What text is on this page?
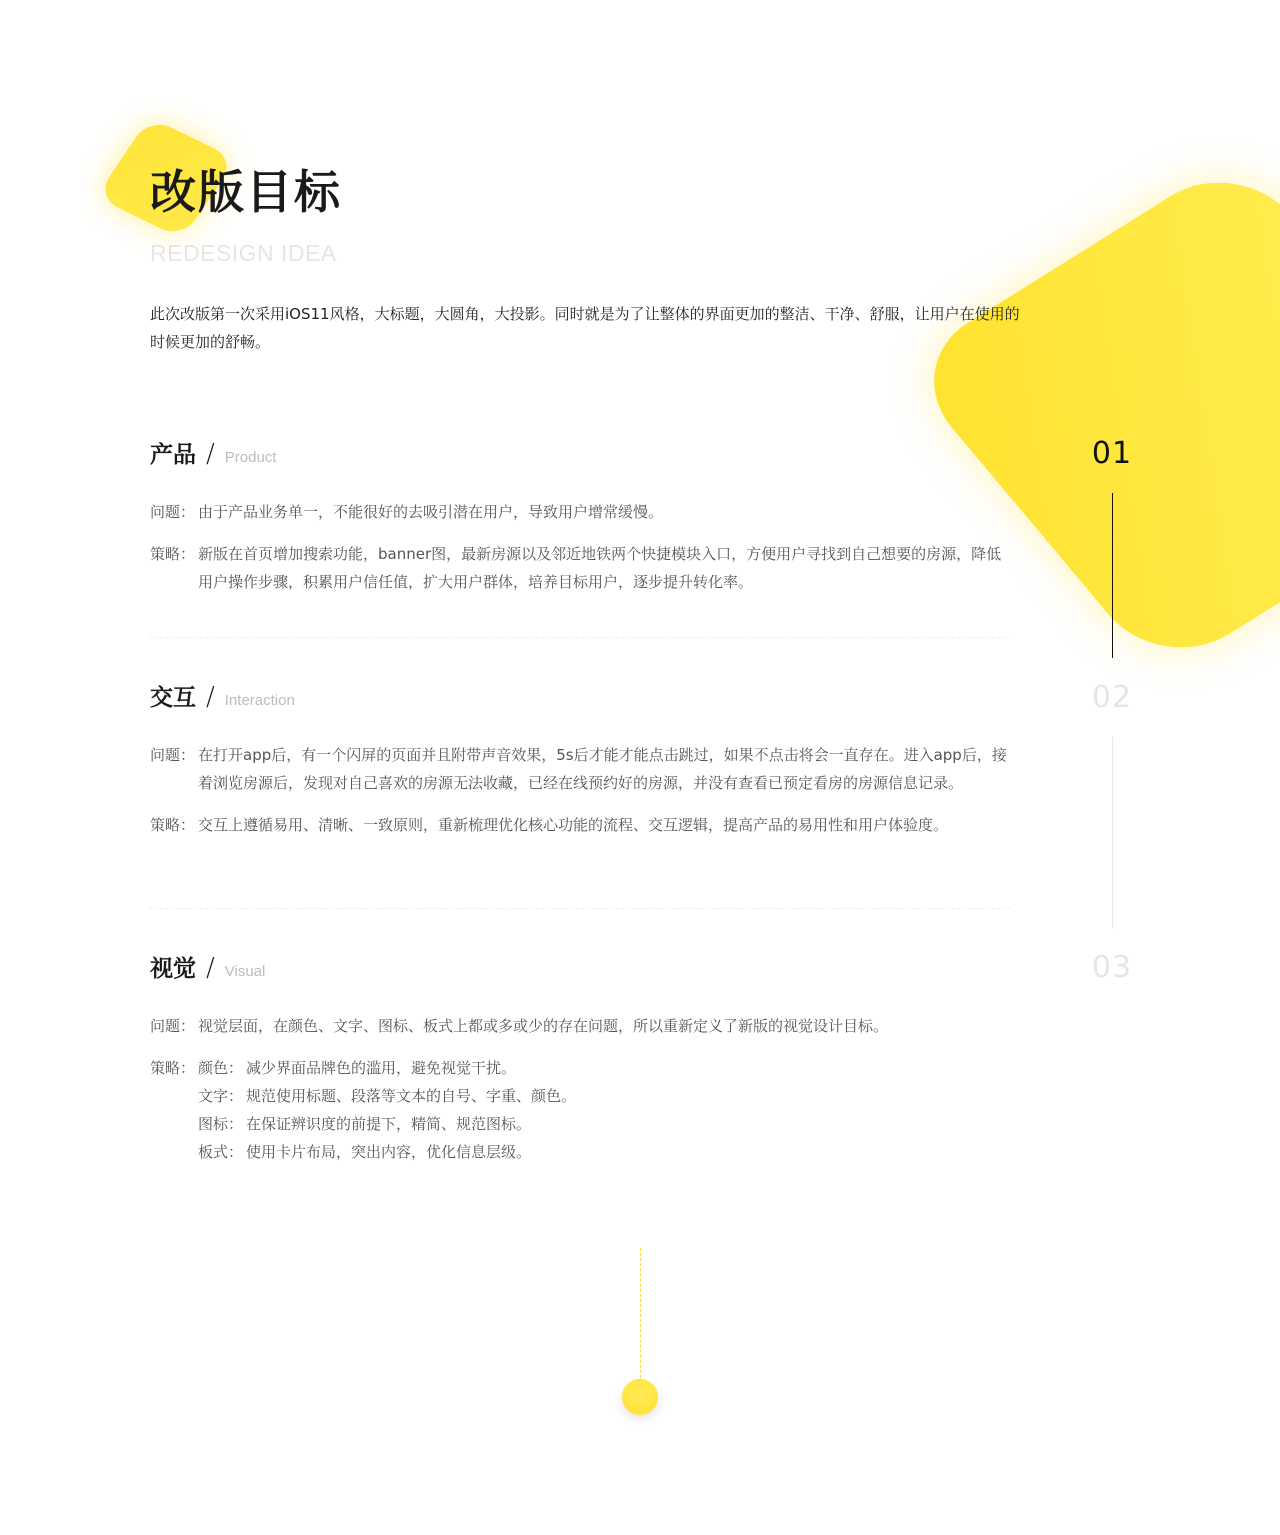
改版目标
REDESIGN IDEA

此次改版第一次采用iOS11风格，大标题，大圆角，大投影。同时就是为了让整体的界面更加的整洁、干净、舒服，让用户在使用的时候更加的舒畅。

产品 / Product
问题： 由于产品业务单一，不能很好的去吸引潜在用户，导致用户增常缓慢。
策略： 新版在首页增加搜索功能，banner图，最新房源以及邻近地铁两个快捷模块入口，方便用户寻找到自己想要的房源，降低用户操作步骤，积累用户信任值，扩大用户群体，培养目标用户，逐步提升转化率。
交互 / Interaction
问题： 在打开app后，有一个闪屏的页面并且附带声音效果，5s后才能才能点击跳过，如果不点击将会一直存在。进入app后，接着浏览房源后，发现对自己喜欢的房源无法收藏，已经在线预约好的房源，并没有查看已预定看房的房源信息记录。
策略： 交互上遵循易用、清晰、一致原则，重新梳理优化核心功能的流程、交互逻辑，提高产品的易用性和用户体验度。
视觉 / Visual
问题： 视觉层面，在颜色、文字、图标、板式上都或多或少的存在问题，所以重新定义了新版的视觉设计目标。
策略： 颜色： 减少界面品牌色的滥用，避免视觉干扰。
文字： 规范使用标题、段落等文本的自号、字重、颜色。
图标： 在保证辨识度的前提下，精简、规范图标。
板式： 使用卡片布局，突出内容，优化信息层级。
01
02
03
